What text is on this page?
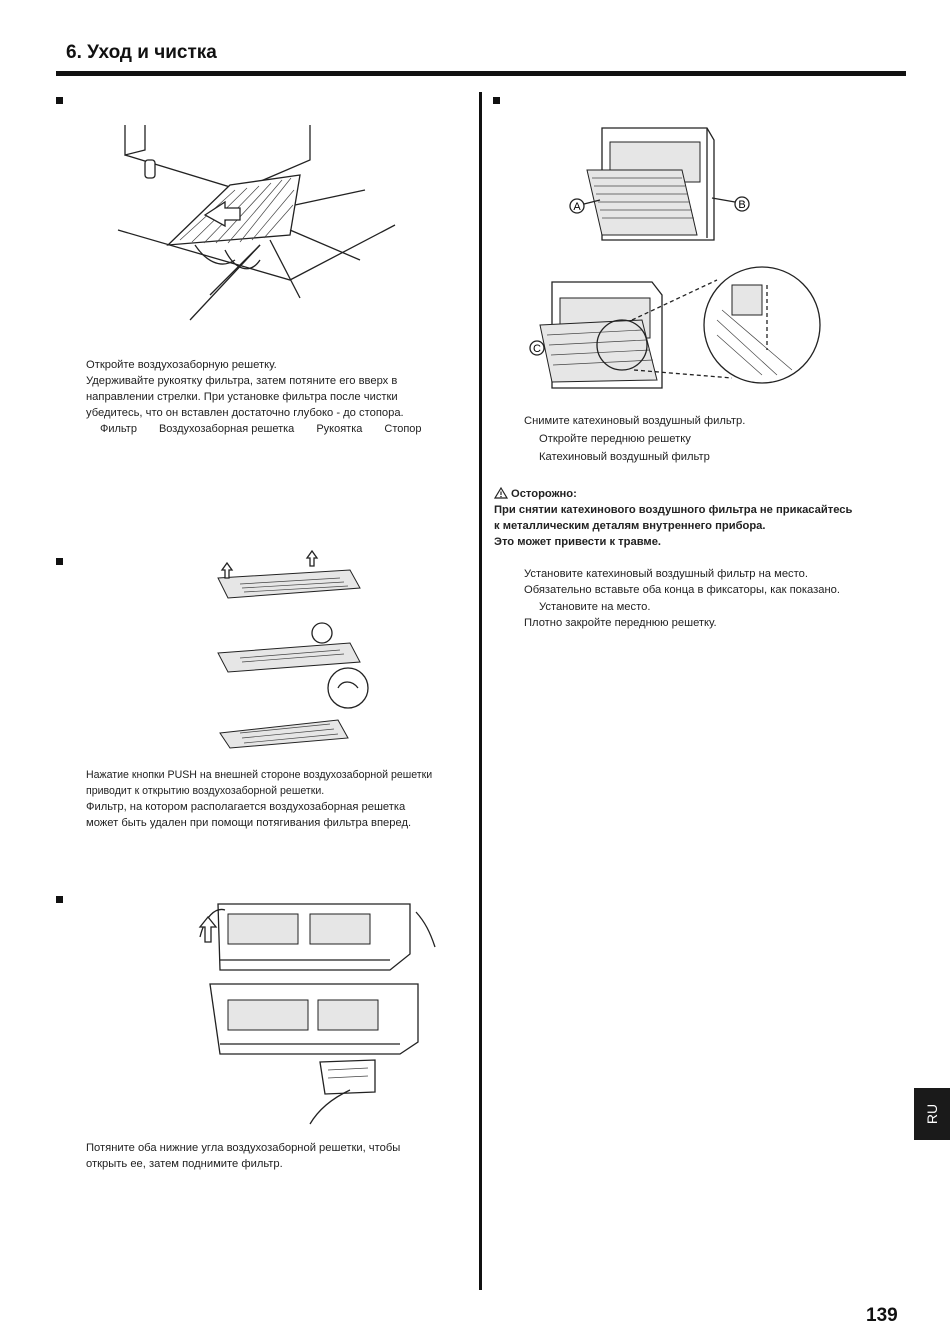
6. Уход и чистка
Откройте воздухозаборную решетку.
Удерживайте рукоятку фильтра, затем потяните его вверх в
направлении стрелки. При установке фильтра после чистки
убедитесь, что он вставлен достаточно глубоко - до стопора.
Фильтр Воздухозаборная решетка Рукоятка Стопор
Нажатие кнопки PUSH на внешней стороне воздухозаборной решетки
приводит к открытию воздухозаборной решетки.
Фильтр, на котором располагается воздухозаборная решетка
может быть удален при помощи потягивания фильтра вперед.
Потяните оба нижние угла воздухозаборной решетки, чтобы
открыть ее, затем поднимите фильтр.
A	B
C
Снимите катехиновый воздушный фильтр.
Откройте переднюю решетку
Катехиновый воздушный фильтр
Осторожно:
При снятии катехинового воздушного фильтра не прикасайтесь
к металлическим деталям внутреннего прибора.
Это может привести к травме.
Установите катехиновый воздушный фильтр на место.
Обязательно вставьте оба конца в фиксаторы, как показано.
Установите на место.
Плотно закройте переднюю решетку.
RU
139
